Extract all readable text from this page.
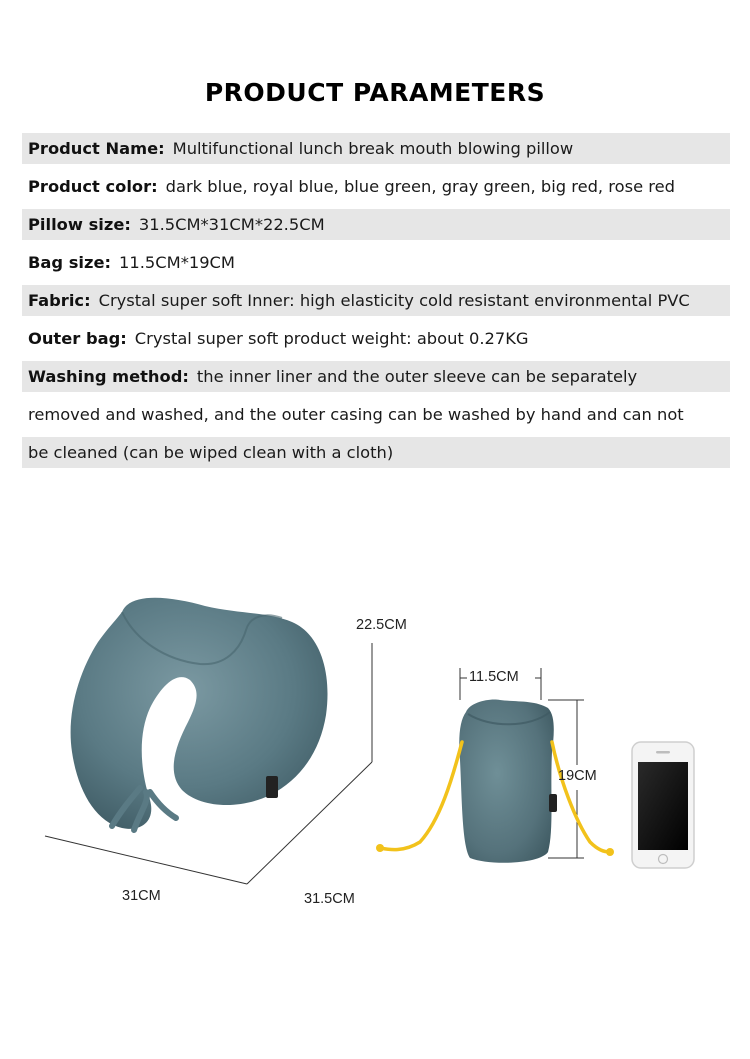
PRODUCT PARAMETERS
Product Name: Multifunctional lunch break mouth blowing pillow
Product color: dark blue, royal blue, blue green, gray green, big red, rose red
Pillow size: 31.5CM*31CM*22.5CM
Bag size: 11.5CM*19CM
Fabric: Crystal super soft Inner: high elasticity cold resistant environmental PVC
Outer bag: Crystal super soft product weight: about 0.27KG
Washing method: the inner liner and the outer sleeve can be separately
removed and washed, and the outer casing can be washed by hand and can not
be cleaned (can be wiped clean with a cloth)
22.5CM
31CM	31.5CM
11.5CM
19CM
